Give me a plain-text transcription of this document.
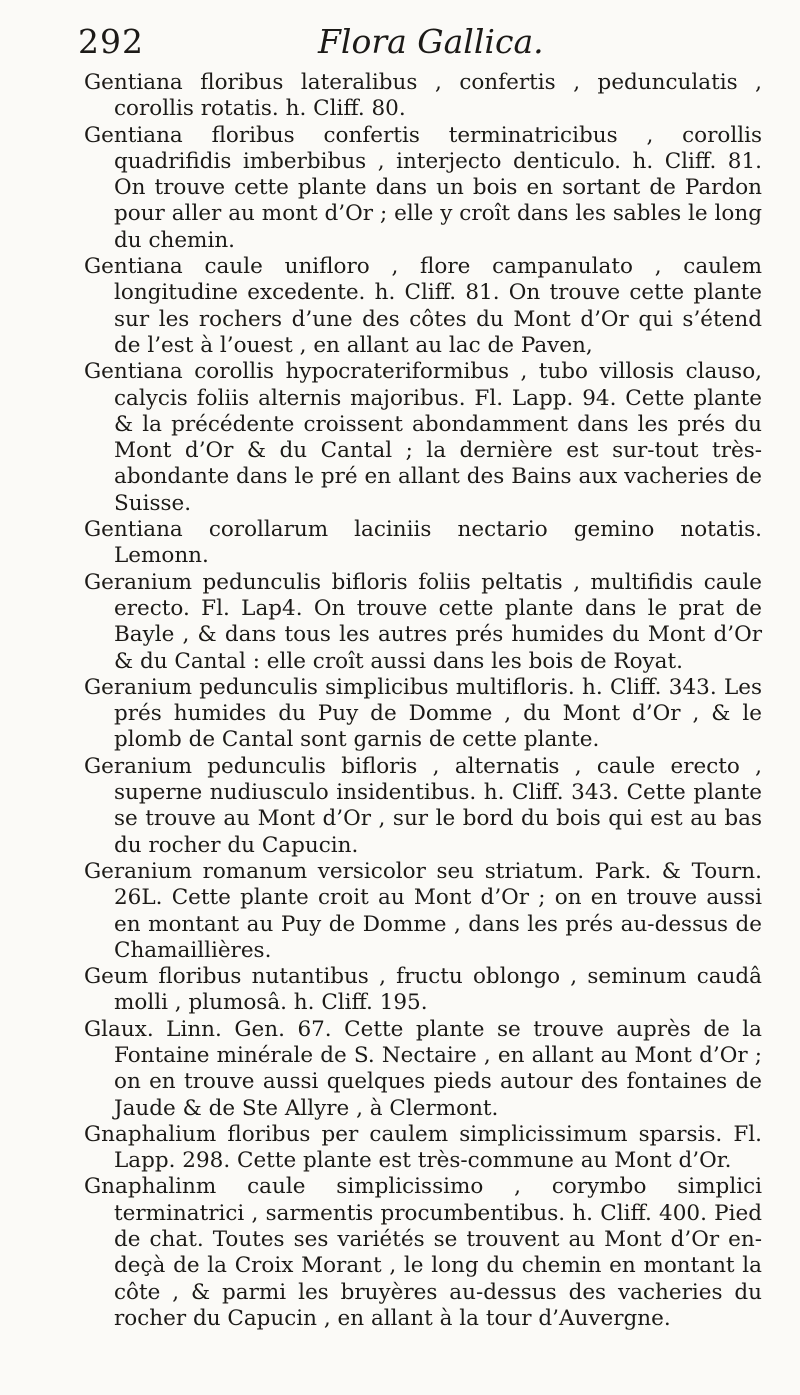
292	Flora Gallica.

Gentiana floribus lateralibus , confertis , pedunculatis , corollis rotatis. h. Cliff. 80.

Gentiana floribus confertis terminatricibus , corollis quadrifidis imberbibus , interjecto denticulo. h. Cliff. 81. On trouve cette plante dans un bois en sortant de Pardon pour aller au mont d’Or ; elle y croît dans les sables le long du chemin.

Gentiana caule unifloro , flore campanulato , caulem longitudine excedente. h. Cliff. 81. On trouve cette plante sur les rochers d’une des côtes du Mont d’Or qui s’étend de l’est à l’ouest , en allant au lac de Paven,

Gentiana corollis hypocrateriformibus , tubo villosis clauso, calycis foliis alternis majoribus. Fl. Lapp. 94. Cette plante & la précédente croissent abondamment dans les prés du Mont d’Or & du Cantal ; la dernière est sur-tout très-abondante dans le pré en allant des Bains aux vacheries de Suisse.

Gentiana corollarum laciniis nectario gemino notatis. Lemonn.

Geranium pedunculis bifloris foliis peltatis , multifidis caule erecto. Fl. Lap4. On trouve cette plante dans le prat de Bayle , & dans tous les autres prés humides du Mont d’Or & du Cantal : elle croît aussi dans les bois de Royat.

Geranium pedunculis simplicibus multifloris. h. Cliff. 343. Les prés humides du Puy de Domme , du Mont d’Or , & le plomb de Cantal sont garnis de cette plante.

Geranium pedunculis bifloris , alternatis , caule erecto , superne nudiusculo insidentibus. h. Cliff. 343. Cette plante se trouve au Mont d’Or , sur le bord du bois qui est au bas du rocher du Capucin.

Geranium romanum versicolor seu striatum. Park. & Tourn. 26L. Cette plante croit au Mont d’Or ; on en trouve aussi en montant au Puy de Domme , dans les prés au-dessus de Chamaillières.

Geum floribus nutantibus , fructu oblongo , seminum caudâ molli , plumosâ. h. Cliff. 195.

Glaux. Linn. Gen. 67. Cette plante se trouve auprès de la Fontaine minérale de S. Nectaire , en allant au Mont d’Or ; on en trouve aussi quelques pieds autour des fontaines de Jaude & de Ste Allyre , à Clermont.

Gnaphalium floribus per caulem simplicissimum sparsis. Fl. Lapp. 298. Cette plante est très-commune au Mont d’Or.

Gnaphalinm caule simplicissimo , corymbo simplici terminatrici , sarmentis procumbentibus. h. Cliff. 400. Pied de chat. Toutes ses variétés se trouvent au Mont d’Or en-deçà de la Croix Morant , le long du chemin en montant la côte , & parmi les bruyères au-dessus des vacheries du rocher du Capucin , en allant à la tour d’Auvergne.
